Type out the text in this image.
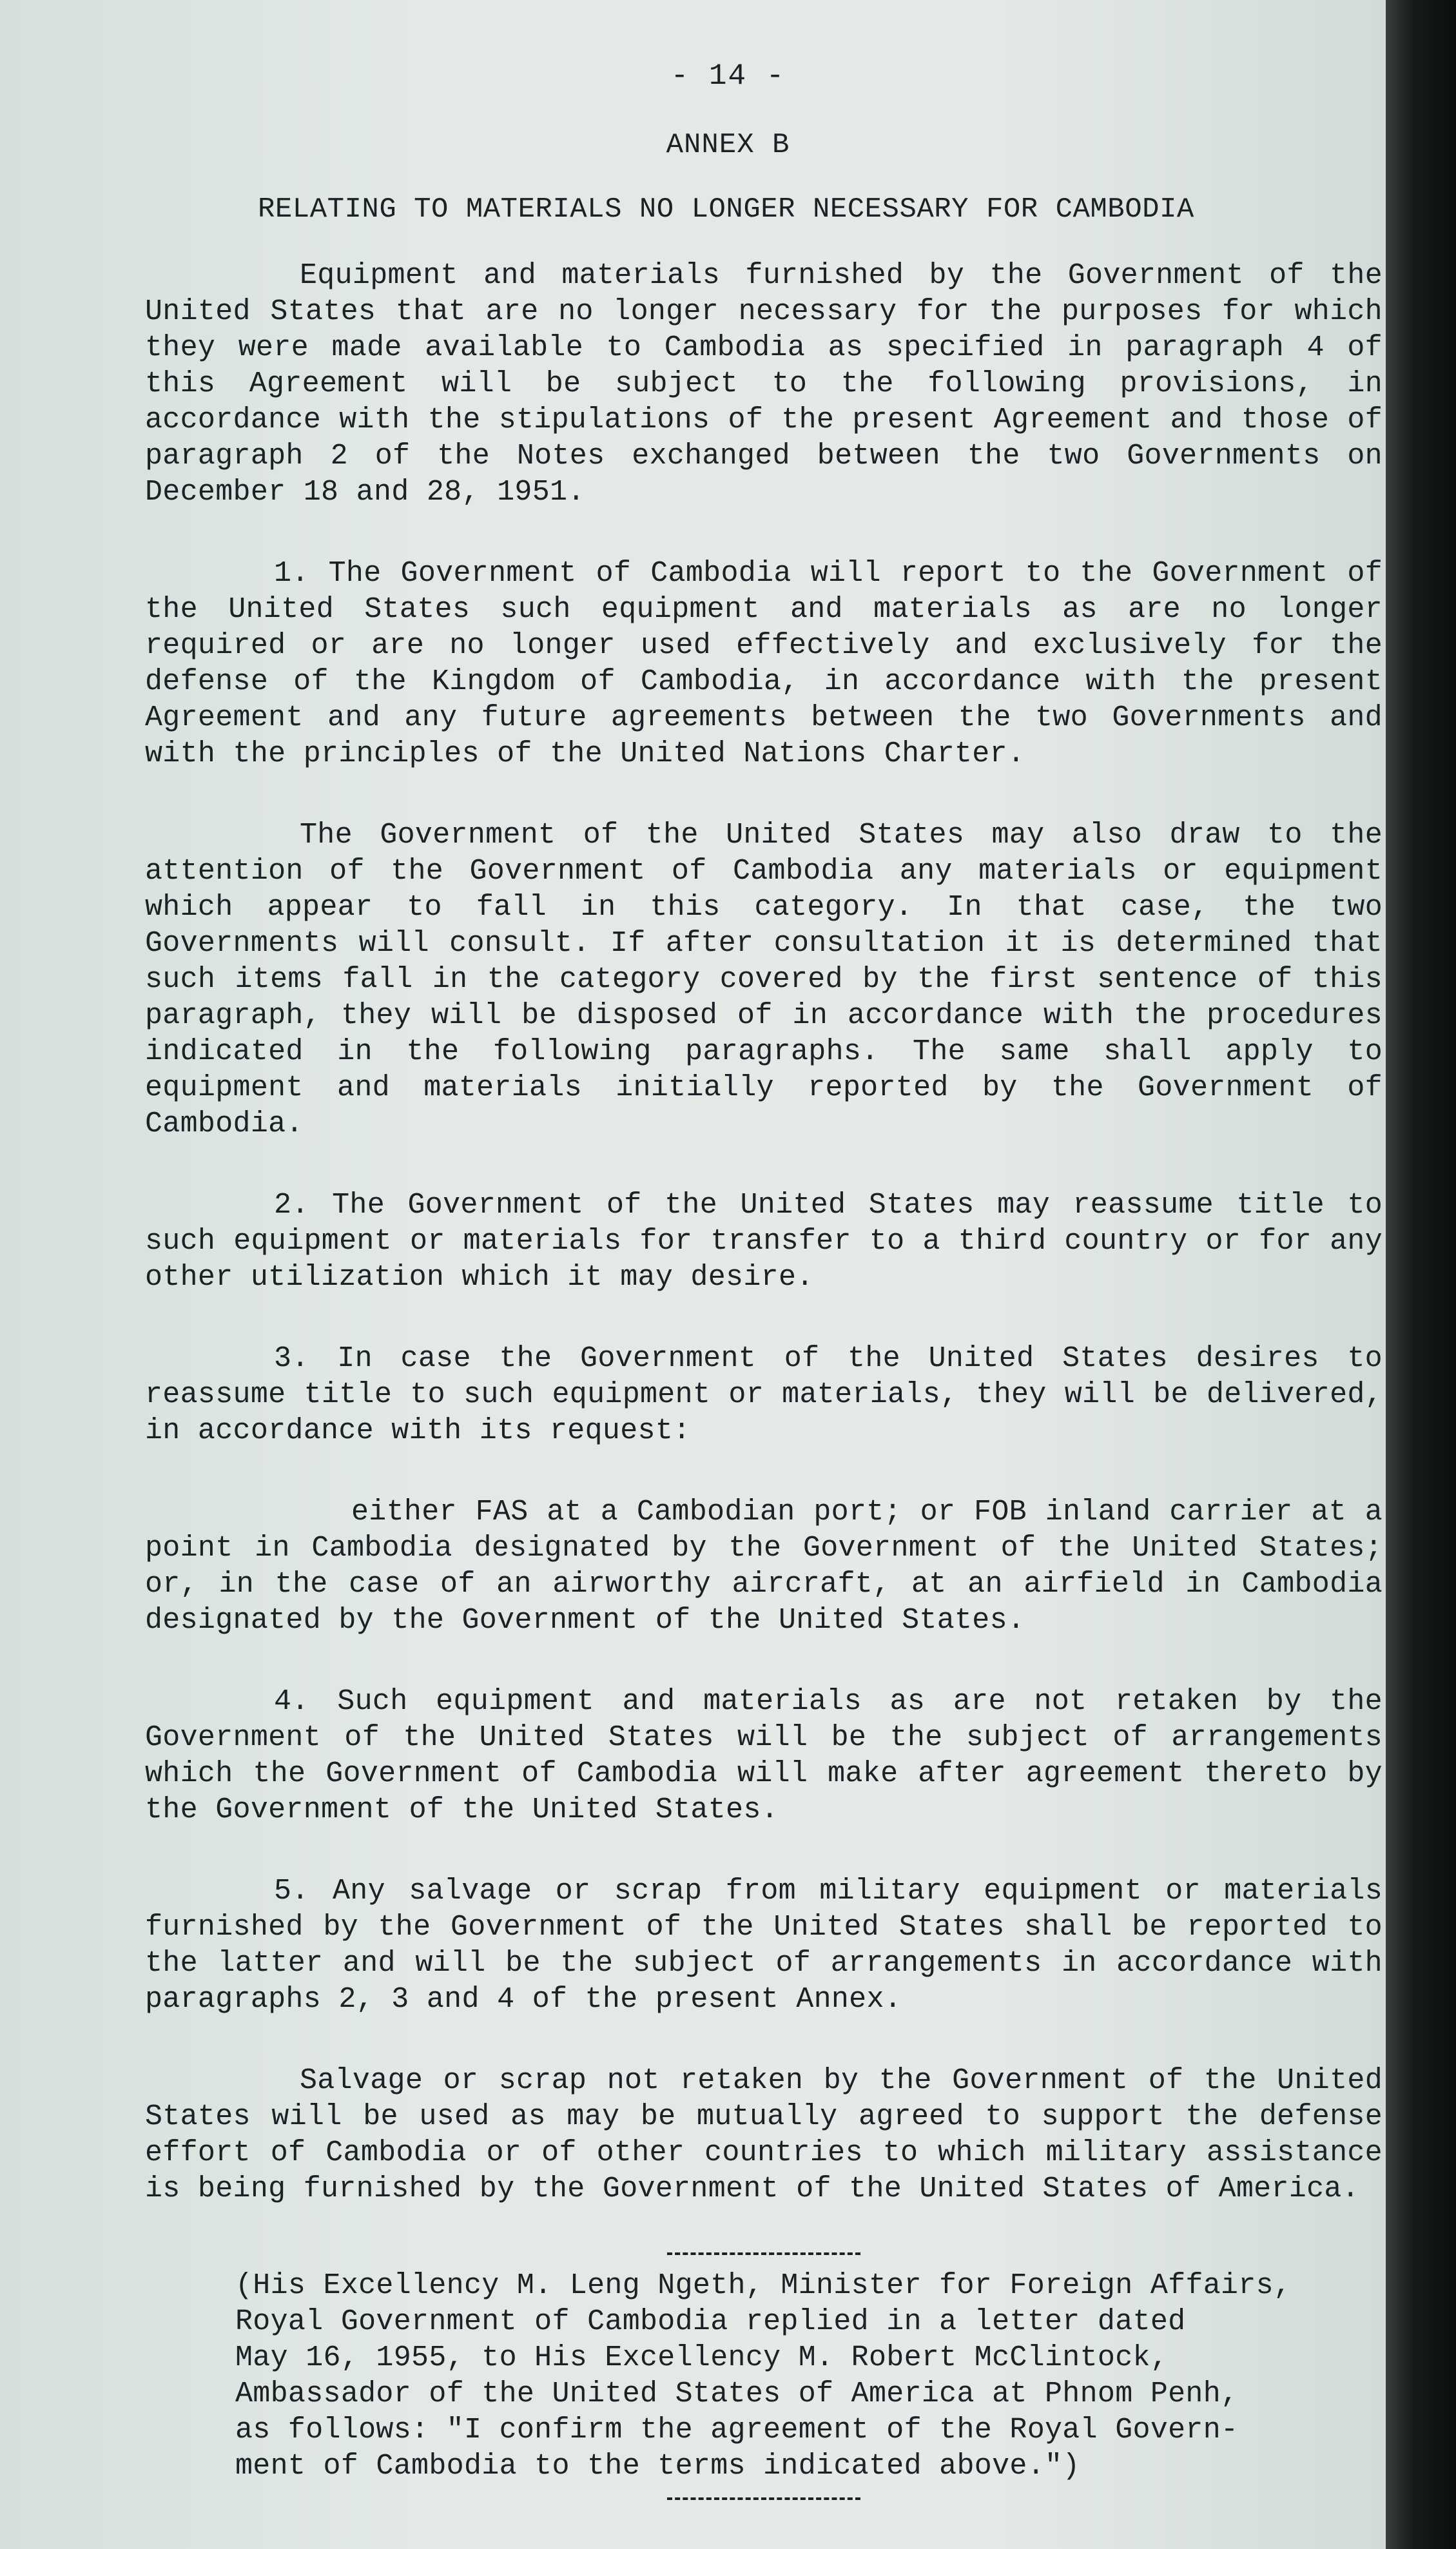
- 14 -
ANNEX B
RELATING TO MATERIALS NO LONGER NECESSARY FOR CAMBODIA

Equipment and materials furnished by the Government of the United States that are no longer necessary for the purposes for which they were made available to Cambodia as specified in paragraph 4 of this Agreement will be subject to the following provisions, in accordance with the stipulations of the present Agreement and those of paragraph 2 of the Notes exchanged between the two Governments on December 18 and 28, 1951.

1. The Government of Cambodia will report to the Government of the United States such equipment and materials as are no longer required or are no longer used effectively and exclusively for the defense of the Kingdom of Cambodia, in accordance with the present Agreement and any future agreements between the two Governments and with the principles of the United Nations Charter.

The Government of the United States may also draw to the attention of the Government of Cambodia any materials or equipment which appear to fall in this category. In that case, the two Governments will consult. If after consultation it is determined that such items fall in the category covered by the first sentence of this paragraph, they will be disposed of in accordance with the procedures indicated in the following paragraphs. The same shall apply to equipment and materials initially reported by the Government of Cambodia.

2. The Government of the United States may reassume title to such equipment or materials for transfer to a third country or for any other utilization which it may desire.

3. In case the Government of the United States desires to reassume title to such equipment or materials, they will be delivered, in accordance with its request:

either FAS at a Cambodian port; or FOB inland carrier at a point in Cambodia designated by the Government of the United States; or, in the case of an airworthy aircraft, at an airfield in Cambodia designated by the Government of the United States.

4. Such equipment and materials as are not retaken by the Government of the United States will be the subject of arrangements which the Government of Cambodia will make after agreement thereto by the Government of the United States.

5. Any salvage or scrap from military equipment or materials furnished by the Government of the United States shall be reported to the latter and will be the subject of arrangements in accordance with paragraphs 2, 3 and 4 of the present Annex.

Salvage or scrap not retaken by the Government of the United States will be used as may be mutually agreed to support the defense effort of Cambodia or of other countries to which military assistance is being furnished by the Government of the United States of America.

(His Excellency M. Leng Ngeth, Minister for Foreign Affairs,
Royal Government of Cambodia replied in a letter dated
May 16, 1955, to His Excellency M. Robert McClintock,
Ambassador of the United States of America at Phnom Penh,
as follows: "I confirm the agreement of the Royal Govern-
ment of Cambodia to the terms indicated above.")
